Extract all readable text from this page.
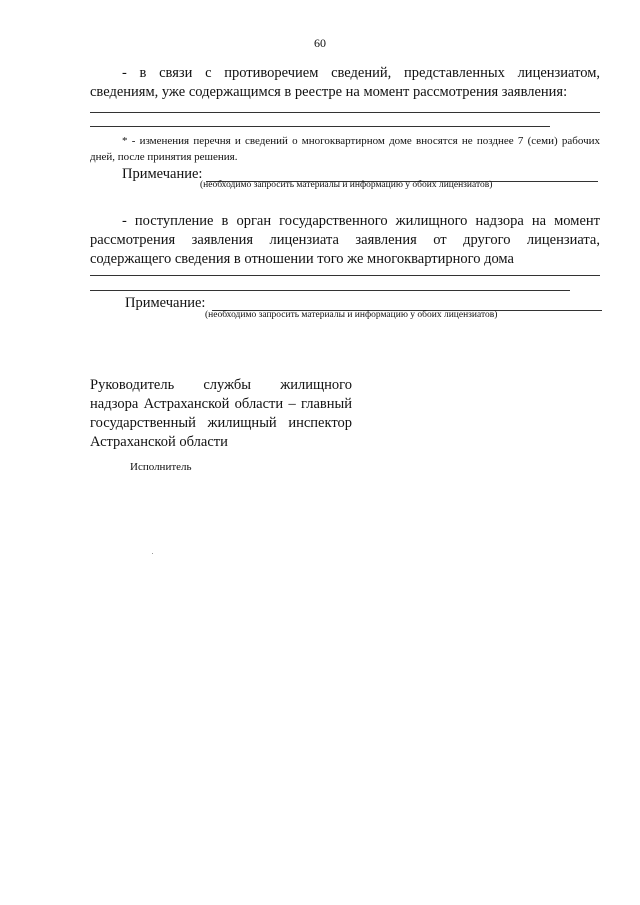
60
- в связи с противоречием сведений, представленных лицензиатом, сведениям, уже содержащимся в реестре на момент рассмотрения заявления:
* - изменения перечня и сведений о многоквартирном доме вносятся не позднее 7 (семи) рабочих дней, после принятия решения.
Примечание:
(необходимо запросить материалы и информацию у обоих лицензиатов)
- поступление в орган государственного жилищного надзора на момент рассмотрения заявления лицензиата заявления от другого лицензиата, содержащего сведения в отношении того же многоквартирного дома
Примечание:
(необходимо запросить материалы и информацию у обоих лицензиатов)
Руководитель службы жилищного надзора Астраханской области – главный государственный жилищный инспектор Астраханской области
Исполнитель
